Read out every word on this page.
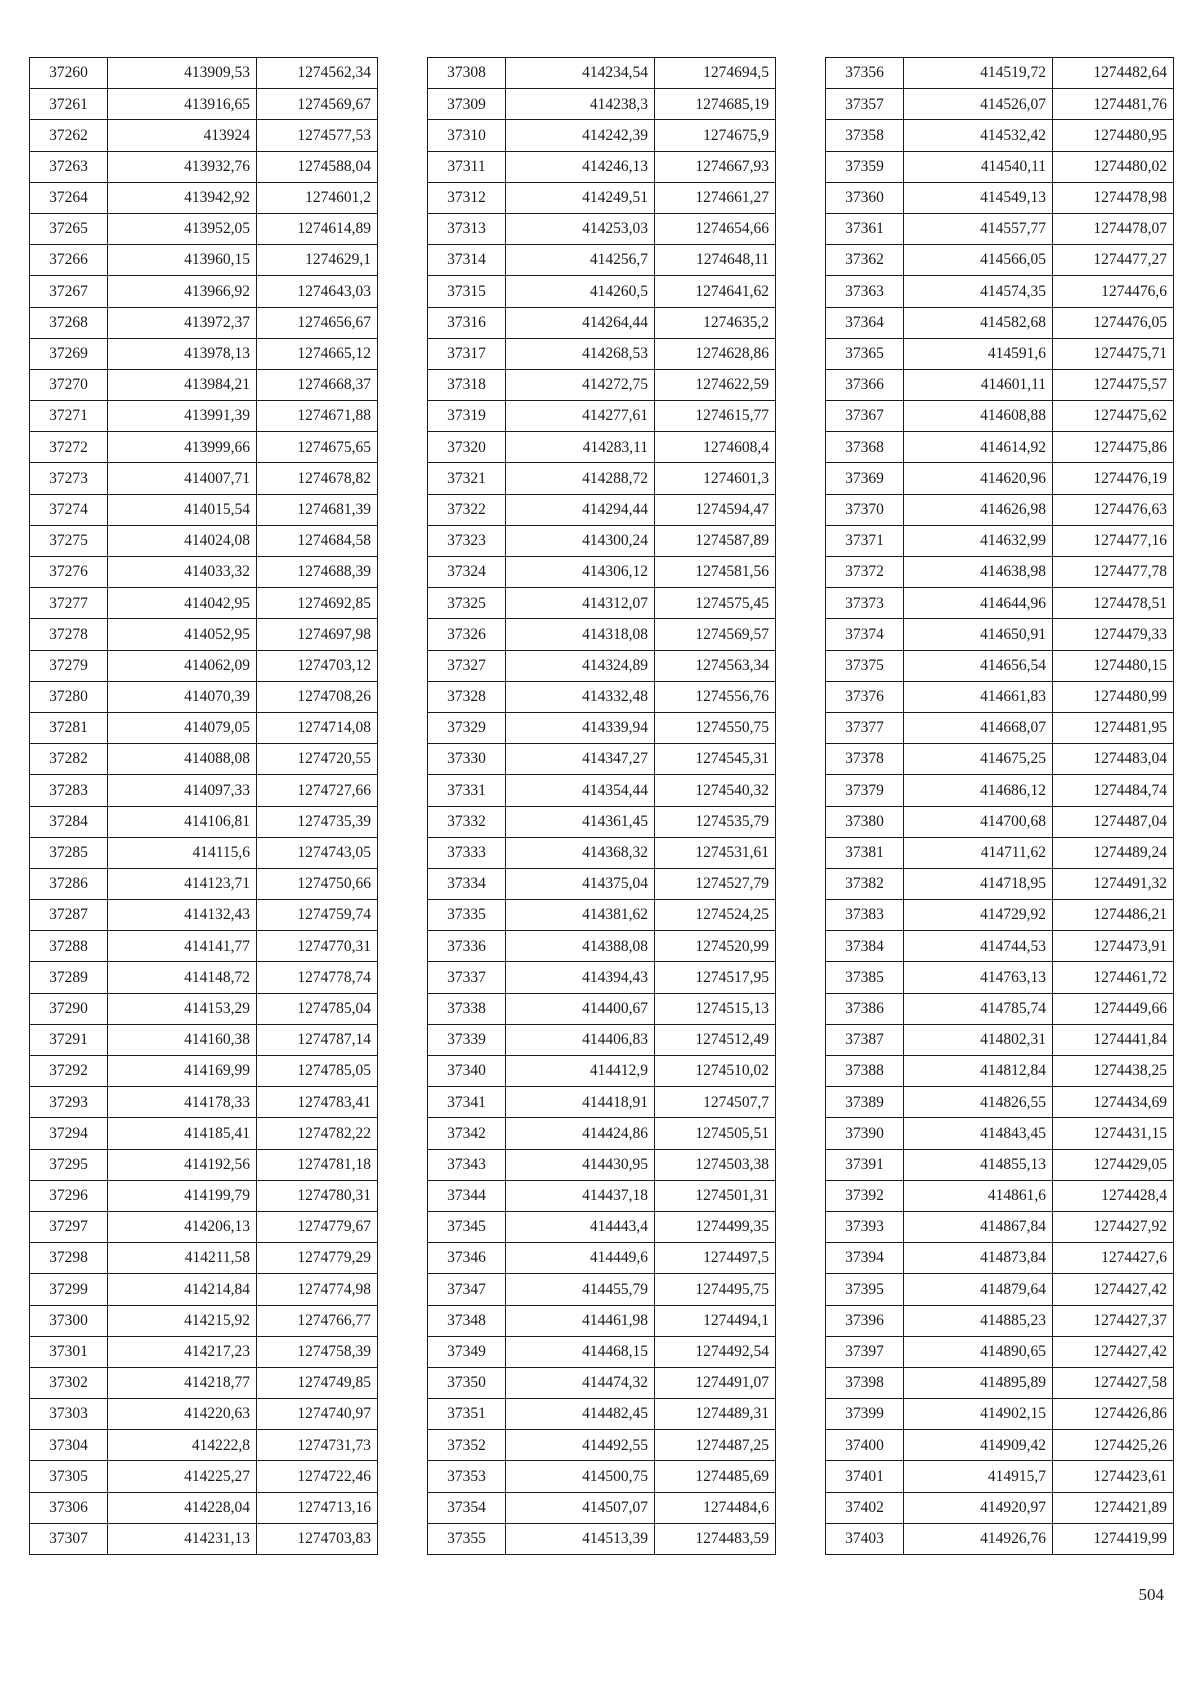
37260	413909,53	1274562,34
37261	413916,65	1274569,67
37262	413924	1274577,53
37263	413932,76	1274588,04
37264	413942,92	1274601,2
37265	413952,05	1274614,89
37266	413960,15	1274629,1
37267	413966,92	1274643,03
37268	413972,37	1274656,67
37269	413978,13	1274665,12
37270	413984,21	1274668,37
37271	413991,39	1274671,88
37272	413999,66	1274675,65
37273	414007,71	1274678,82
37274	414015,54	1274681,39
37275	414024,08	1274684,58
37276	414033,32	1274688,39
37277	414042,95	1274692,85
37278	414052,95	1274697,98
37279	414062,09	1274703,12
37280	414070,39	1274708,26
37281	414079,05	1274714,08
37282	414088,08	1274720,55
37283	414097,33	1274727,66
37284	414106,81	1274735,39
37285	414115,6	1274743,05
37286	414123,71	1274750,66
37287	414132,43	1274759,74
37288	414141,77	1274770,31
37289	414148,72	1274778,74
37290	414153,29	1274785,04
37291	414160,38	1274787,14
37292	414169,99	1274785,05
37293	414178,33	1274783,41
37294	414185,41	1274782,22
37295	414192,56	1274781,18
37296	414199,79	1274780,31
37297	414206,13	1274779,67
37298	414211,58	1274779,29
37299	414214,84	1274774,98
37300	414215,92	1274766,77
37301	414217,23	1274758,39
37302	414218,77	1274749,85
37303	414220,63	1274740,97
37304	414222,8	1274731,73
37305	414225,27	1274722,46
37306	414228,04	1274713,16
37307	414231,13	1274703,83
37308	414234,54	1274694,5
37309	414238,3	1274685,19
37310	414242,39	1274675,9
37311	414246,13	1274667,93
37312	414249,51	1274661,27
37313	414253,03	1274654,66
37314	414256,7	1274648,11
37315	414260,5	1274641,62
37316	414264,44	1274635,2
37317	414268,53	1274628,86
37318	414272,75	1274622,59
37319	414277,61	1274615,77
37320	414283,11	1274608,4
37321	414288,72	1274601,3
37322	414294,44	1274594,47
37323	414300,24	1274587,89
37324	414306,12	1274581,56
37325	414312,07	1274575,45
37326	414318,08	1274569,57
37327	414324,89	1274563,34
37328	414332,48	1274556,76
37329	414339,94	1274550,75
37330	414347,27	1274545,31
37331	414354,44	1274540,32
37332	414361,45	1274535,79
37333	414368,32	1274531,61
37334	414375,04	1274527,79
37335	414381,62	1274524,25
37336	414388,08	1274520,99
37337	414394,43	1274517,95
37338	414400,67	1274515,13
37339	414406,83	1274512,49
37340	414412,9	1274510,02
37341	414418,91	1274507,7
37342	414424,86	1274505,51
37343	414430,95	1274503,38
37344	414437,18	1274501,31
37345	414443,4	1274499,35
37346	414449,6	1274497,5
37347	414455,79	1274495,75
37348	414461,98	1274494,1
37349	414468,15	1274492,54
37350	414474,32	1274491,07
37351	414482,45	1274489,31
37352	414492,55	1274487,25
37353	414500,75	1274485,69
37354	414507,07	1274484,6
37355	414513,39	1274483,59
37356	414519,72	1274482,64
37357	414526,07	1274481,76
37358	414532,42	1274480,95
37359	414540,11	1274480,02
37360	414549,13	1274478,98
37361	414557,77	1274478,07
37362	414566,05	1274477,27
37363	414574,35	1274476,6
37364	414582,68	1274476,05
37365	414591,6	1274475,71
37366	414601,11	1274475,57
37367	414608,88	1274475,62
37368	414614,92	1274475,86
37369	414620,96	1274476,19
37370	414626,98	1274476,63
37371	414632,99	1274477,16
37372	414638,98	1274477,78
37373	414644,96	1274478,51
37374	414650,91	1274479,33
37375	414656,54	1274480,15
37376	414661,83	1274480,99
37377	414668,07	1274481,95
37378	414675,25	1274483,04
37379	414686,12	1274484,74
37380	414700,68	1274487,04
37381	414711,62	1274489,24
37382	414718,95	1274491,32
37383	414729,92	1274486,21
37384	414744,53	1274473,91
37385	414763,13	1274461,72
37386	414785,74	1274449,66
37387	414802,31	1274441,84
37388	414812,84	1274438,25
37389	414826,55	1274434,69
37390	414843,45	1274431,15
37391	414855,13	1274429,05
37392	414861,6	1274428,4
37393	414867,84	1274427,92
37394	414873,84	1274427,6
37395	414879,64	1274427,42
37396	414885,23	1274427,37
37397	414890,65	1274427,42
37398	414895,89	1274427,58
37399	414902,15	1274426,86
37400	414909,42	1274425,26
37401	414915,7	1274423,61
37402	414920,97	1274421,89
37403	414926,76	1274419,99
504
